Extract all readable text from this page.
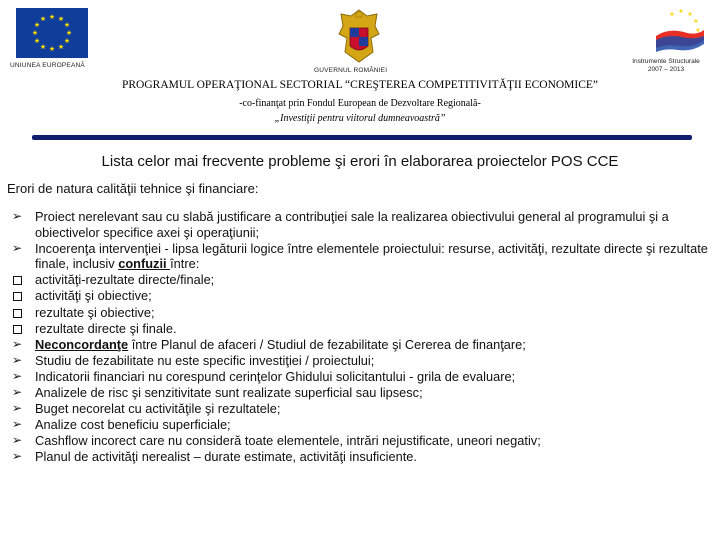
★ ★
★
★
★
★
★
★
★
★
★
★
UNIUNEA EUROPEANĂ
GUVERNUL ROMÂNIEI
★ ★ ★
★
★
Instrumente Structurale
2007 – 2013
PROGRAMUL OPERAŢIONAL SECTORIAL “CREŞTEREA COMPETITIVITĂŢII ECONOMICE”
-co-finanţat prin Fondul European de Dezvoltare Regională-
„Investiţii pentru viitorul dumneavoastră”
Lista celor mai frecvente probleme şi erori în elaborarea proiectelor POS CCE
Erori de natura calităţii tehnice şi financiare:
➢ Proiect nerelevant sau cu slabă justificare a contribuţiei sale la realizarea obiectivului general al programului şi a obiectivelor specifice axei şi operaţiunii;
➢ Incoerenţa intervenţiei - lipsa legăturii logice între elementele proiectului: resurse, activităţi, rezultate directe şi rezultate finale, inclusiv confuzii între:
activităţi-rezultate directe/finale;
activităţi şi obiective;
rezultate şi obiective;
rezultate directe şi finale.
➢ Neconcordanţe între Planul de afaceri / Studiul de fezabilitate şi Cererea de finanţare;
➢ Studiu de fezabilitate nu este specific investiţiei / proiectului;
➢ Indicatorii financiari nu corespund cerinţelor Ghidului solicitantului - grila de evaluare;
➢ Analizele de risc şi senzitivitate sunt realizate superficial sau lipsesc;
➢ Buget necorelat cu activităţile şi rezultatele;
➢ Analize cost beneficiu superficiale;
➢ Cashflow incorect care nu consideră toate elementele, intrări nejustificate, uneori negativ;
➢ Planul de activităţi nerealist – durate estimate, activităţi insuficiente.
